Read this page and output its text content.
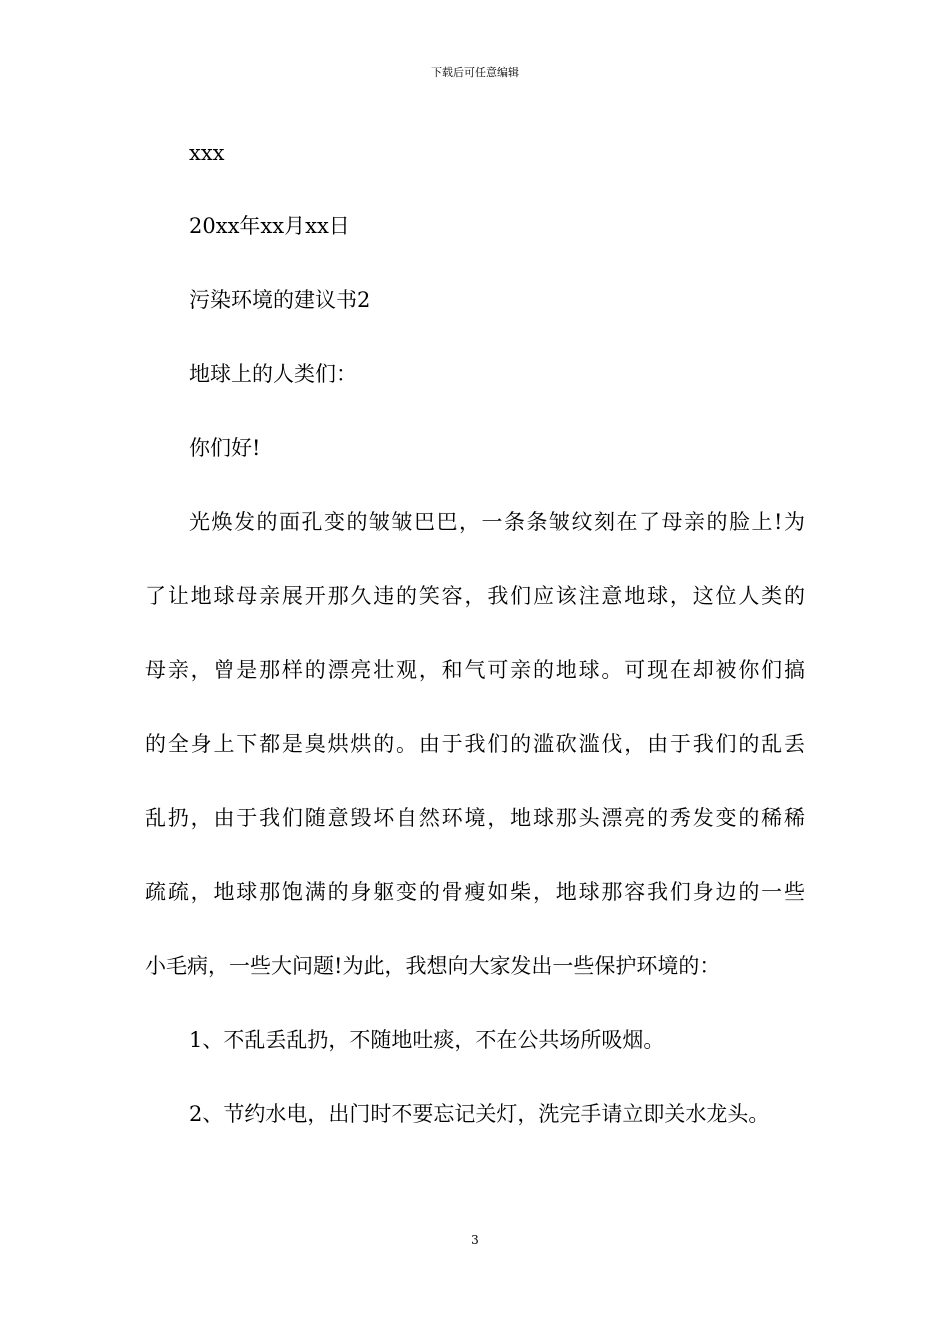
下载后可任意编辑
xxx
20xx年xx月xx日
污染环境的建议书2
地球上的人类们：
你们好!
光焕发的面孔变的皱皱巴巴，一条条皱纹刻在了母亲的脸上!为
了让地球母亲展开那久违的笑容，我们应该注意地球，这位人类的
母亲，曾是那样的漂亮壮观，和气可亲的地球。可现在却被你们搞
的全身上下都是臭烘烘的。由于我们的滥砍滥伐，由于我们的乱丢
乱扔，由于我们随意毁坏自然环境，地球那头漂亮的秀发变的稀稀
疏疏，地球那饱满的身躯变的骨瘦如柴，地球那容我们身边的一些
小毛病，一些大问题!为此，我想向大家发出一些保护环境的：
1、不乱丢乱扔，不随地吐痰，不在公共场所吸烟。
2、节约水电，出门时不要忘记关灯，洗完手请立即关水龙头。
3
